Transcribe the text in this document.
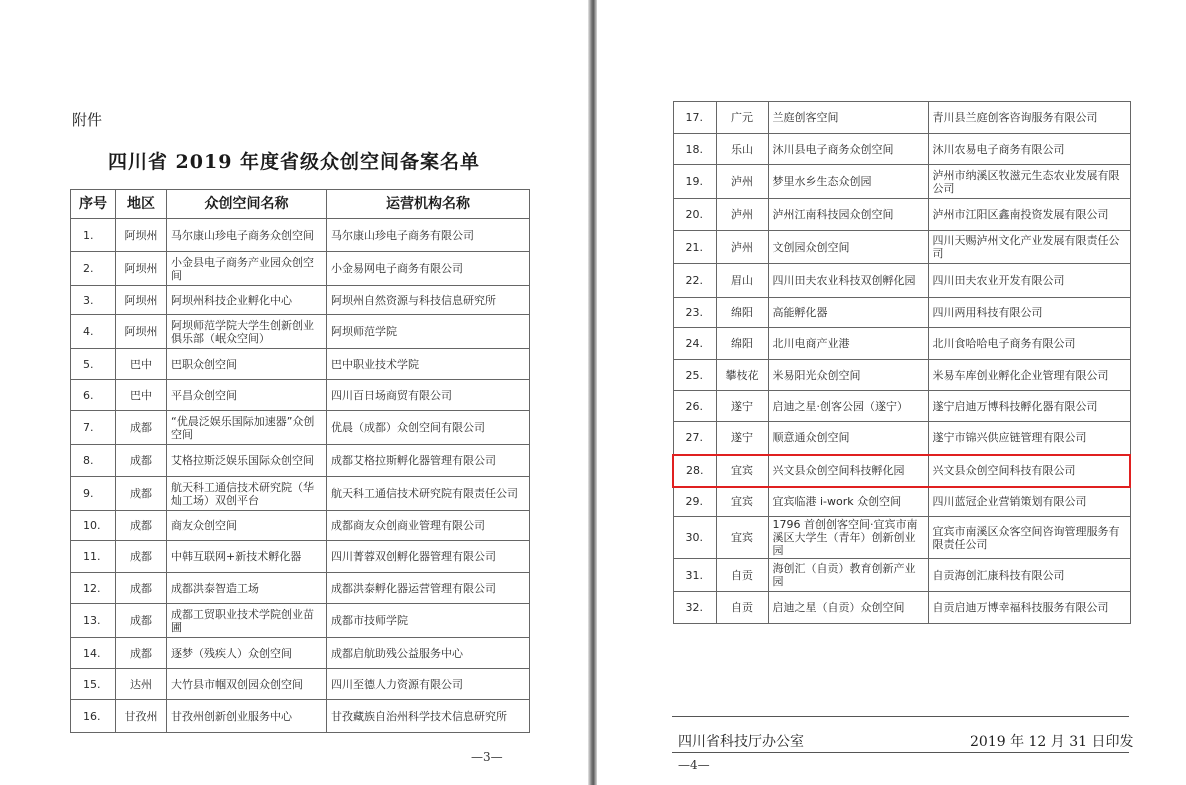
附件
四川省 2019 年度省级众创空间备案名单
序号	地区	众创空间名称	运营机构名称
1.	阿坝州	马尔康山珍电子商务众创空间	马尔康山珍电子商务有限公司
2.	阿坝州	小金县电子商务产业园众创空间	小金易网电子商务有限公司
3.	阿坝州	阿坝州科技企业孵化中心	阿坝州自然资源与科技信息研究所
4.	阿坝州	阿坝师范学院大学生创新创业俱乐部（岷众空间）	阿坝师范学院
5.	巴中	巴职众创空间	巴中职业技术学院
6.	巴中	平昌众创空间	四川百日场商贸有限公司
7.	成都	“优晨泛娱乐国际加速器”众创空间	优晨（成都）众创空间有限公司
8.	成都	艾格拉斯泛娱乐国际众创空间	成都艾格拉斯孵化器管理有限公司
9.	成都	航天科工通信技术研究院（华灿工场）双创平台	航天科工通信技术研究院有限责任公司
10.	成都	商友众创空间	成都商友众创商业管理有限公司
11.	成都	中韩互联网+新技术孵化器	四川菁蓉双创孵化器管理有限公司
12.	成都	成都洪泰智造工场	成都洪泰孵化器运营管理有限公司
13.	成都	成都工贸职业技术学院创业苗圃	成都市技师学院
14.	成都	逐梦（残疾人）众创空间	成都启航助残公益服务中心
15.	达州	大竹县市帼双创园众创空间	四川至德人力资源有限公司
16.	甘孜州	甘孜州创新创业服务中心	甘孜藏族自治州科学技术信息研究所
—3—
17.	广元	兰庭创客空间	青川县兰庭创客咨询服务有限公司
18.	乐山	沐川县电子商务众创空间	沐川农易电子商务有限公司
19.	泸州	梦里水乡生态众创园	泸州市纳溪区牧滋元生态农业发展有限公司
20.	泸州	泸州江南科技园众创空间	泸州市江阳区鑫南投资发展有限公司
21.	泸州	文创园众创空间	四川天赐泸州文化产业发展有限责任公司
22.	眉山	四川田夫农业科技双创孵化园	四川田夫农业开发有限公司
23.	绵阳	高能孵化器	四川两用科技有限公司
24.	绵阳	北川电商产业港	北川食哈哈电子商务有限公司
25.	攀枝花	米易阳光众创空间	米易车库创业孵化企业管理有限公司
26.	遂宁	启迪之星·创客公园（遂宁）	遂宁启迪万博科技孵化器有限公司
27.	遂宁	顺意通众创空间	遂宁市锦兴供应链管理有限公司
28.	宜宾	兴文县众创空间科技孵化园	兴文县众创空间科技有限公司
29.	宜宾	宜宾临港 i-work 众创空间	四川蓝冠企业营销策划有限公司
30.	宜宾	1796 首创创客空间·宜宾市南溪区大学生（青年）创新创业园	宜宾市南溪区众客空间咨询管理服务有限责任公司
31.	自贡	海创汇（自贡）教育创新产业园	自贡海创汇康科技有限公司
32.	自贡	启迪之星（自贡）众创空间	自贡启迪万博幸福科技服务有限公司
四川省科技厅办公室	2019 年 12 月 31 日印发
—4—
